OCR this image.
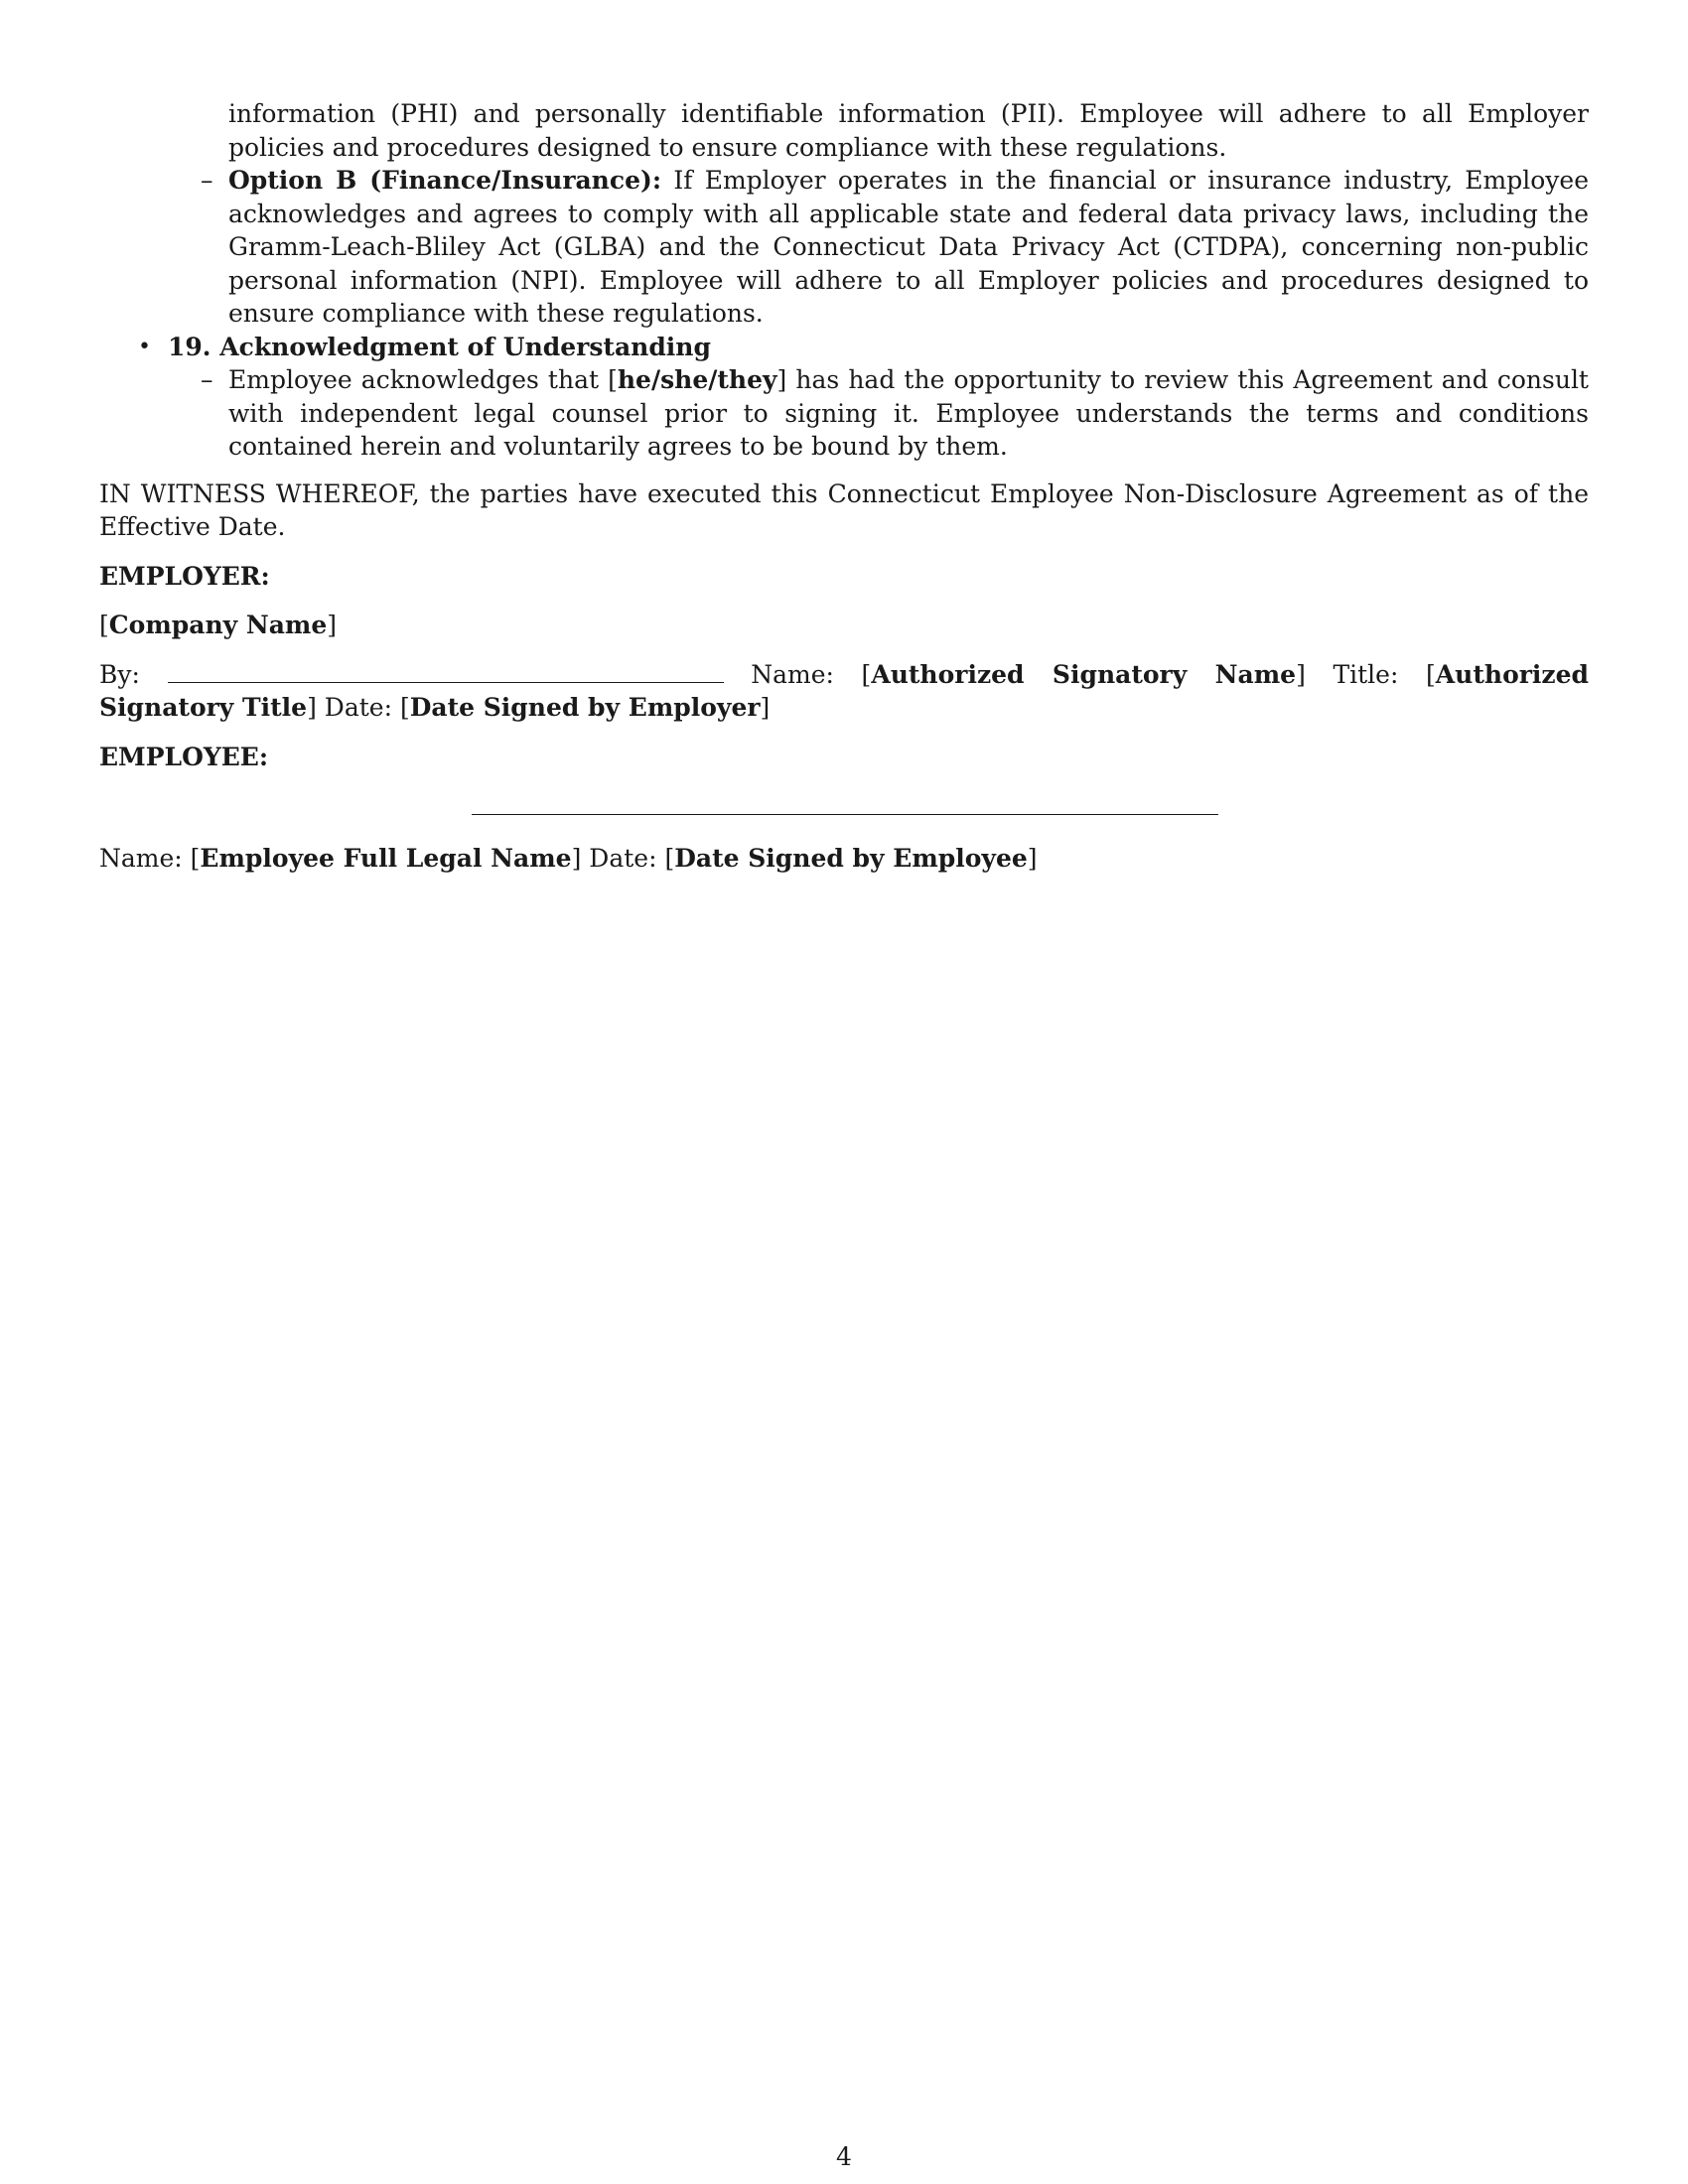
information (PHI) and personally identifiable information (PII). Employee will adhere to all Employer policies and procedures designed to ensure compliance with these regulations.

– Option B (Finance/Insurance): If Employer operates in the financial or insurance industry, Employee acknowledges and agrees to comply with all applicable state and federal data privacy laws, including the Gramm-Leach-Bliley Act (GLBA) and the Connecticut Data Privacy Act (CTDPA), concerning non-public personal information (NPI). Employee will adhere to all Employer policies and procedures designed to ensure compliance with these regulations.

• 19. Acknowledgment of Understanding
– Employee acknowledges that [he/she/they] has had the opportunity to review this Agreement and consult with independent legal counsel prior to signing it. Employee understands the terms and conditions contained herein and voluntarily agrees to be bound by them.

IN WITNESS WHEREOF, the parties have executed this Connecticut Employee Non-Disclosure Agreement as of the Effective Date.

EMPLOYER:

[Company Name]

By:	Name: [Authorized Signatory Name] Title: [Authorized Signatory Title] Date: [Date Signed by Employer]

EMPLOYEE:

Name: [Employee Full Legal Name] Date: [Date Signed by Employee]
4
